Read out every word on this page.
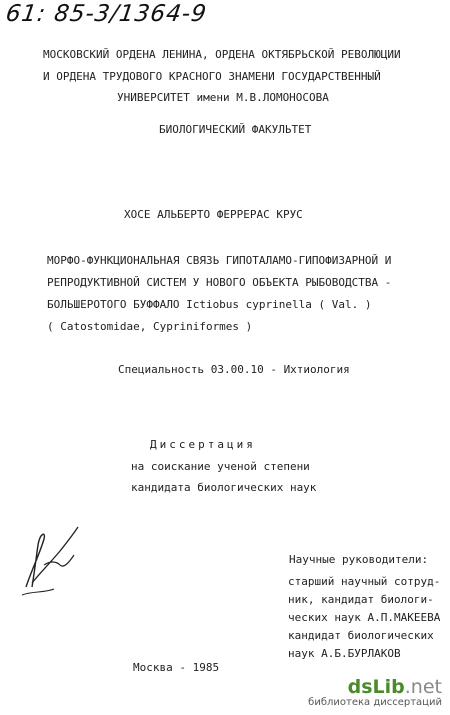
61: 85-3/1364-9
МОСКОВСКИЙ ОРДЕНА ЛЕНИНА, ОРДЕНА ОКТЯБРЬСКОЙ РЕВОЛЮЦИИ
И ОРДЕНА ТРУДОВОГО КРАСНОГО ЗНАМЕНИ ГОСУДАРСТВЕННЫЙ
УНИВЕРСИТЕТ имени М.В.ЛОМОНОСОВА
БИОЛОГИЧЕСКИЙ ФАКУЛЬТЕТ
ХОСЕ АЛЬБЕРТО ФЕРРЕРАС КРУС
МОРФО-ФУНКЦИОНАЛЬНАЯ СВЯЗЬ ГИПОТАЛАМО-ГИПОФИЗАРНОЙ И
РЕПРОДУКТИВНОЙ СИСТЕМ У НОВОГО ОБЪЕКТА РЫБОВОДСТВА -
БОЛЬШЕРОТОГО БУФФАЛО Ictiobus cyprinella ( Val. )
( Catostomidae, Cypriniformes )
Специальность 03.00.10 - Ихтиология
Диссертация
на соискание ученой степени
кандидата биологических наук
Научные руководители:
старший научный сотруд-
ник, кандидат биологи-
ческих наук А.П.МАКЕЕВА
кандидат биологических
наук А.Б.БУРЛАКОВ
Москва - 1985
dsLib.net
библиотека диссертаций
